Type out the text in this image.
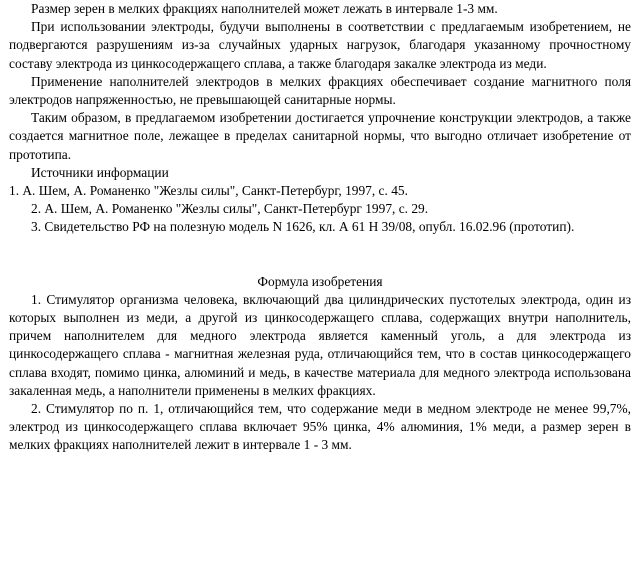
Размер зерен в мелких фракциях наполнителей может лежать в интервале 1-3 мм.

При использовании электроды, будучи выполнены в соответствии с предлагаемым изобретением, не подвергаются разрушениям из-за случайных ударных нагрузок, благодаря указанному прочностному составу электрода из цинкосодержащего сплава, а также благодаря закалке электрода из меди.

Применение наполнителей электродов в мелких фракциях обеспечивает создание магнитного поля электродов напряженностью, не превышающей санитарные нормы.

Таким образом, в предлагаемом изобретении достигается упрочнение конструкции электродов, а также создается магнитное поле, лежащее в пределах санитарной нормы, что выгодно отличает изобретение от прототипа.

Источники информации

1. А. Шем, А. Романенко "Жезлы силы", Санкт-Петербург, 1997, с. 45.

2. А. Шем, А. Романенко "Жезлы силы", Санкт-Петербург 1997, с. 29.

3. Свидетельство РФ на полезную модель N 1626, кл. А 61 Н 39/08, опубл. 16.02.96 (прототип).

Формула изобретения

1. Стимулятор организма человека, включающий два цилиндрических пустотелых электрода, один из которых выполнен из меди, а другой из цинкосодержащего сплава, содержащих внутри наполнитель, причем наполнителем для медного электрода является каменный уголь, а для электрода из цинкосодержащего сплава - магнитная железная руда, отличающийся тем, что в состав цинкосодержащего сплава входят, помимо цинка, алюминий и медь, в качестве материала для медного электрода использована закаленная медь, а наполнители применены в мелких фракциях.

2. Стимулятор по п. 1, отличающийся тем, что содержание меди в медном электроде не менее 99,7%, электрод из цинкосодержащего сплава включает 95% цинка, 4% алюминия, 1% меди, а размер зерен в мелких фракциях наполнителей лежит в интервале 1 - 3 мм.
